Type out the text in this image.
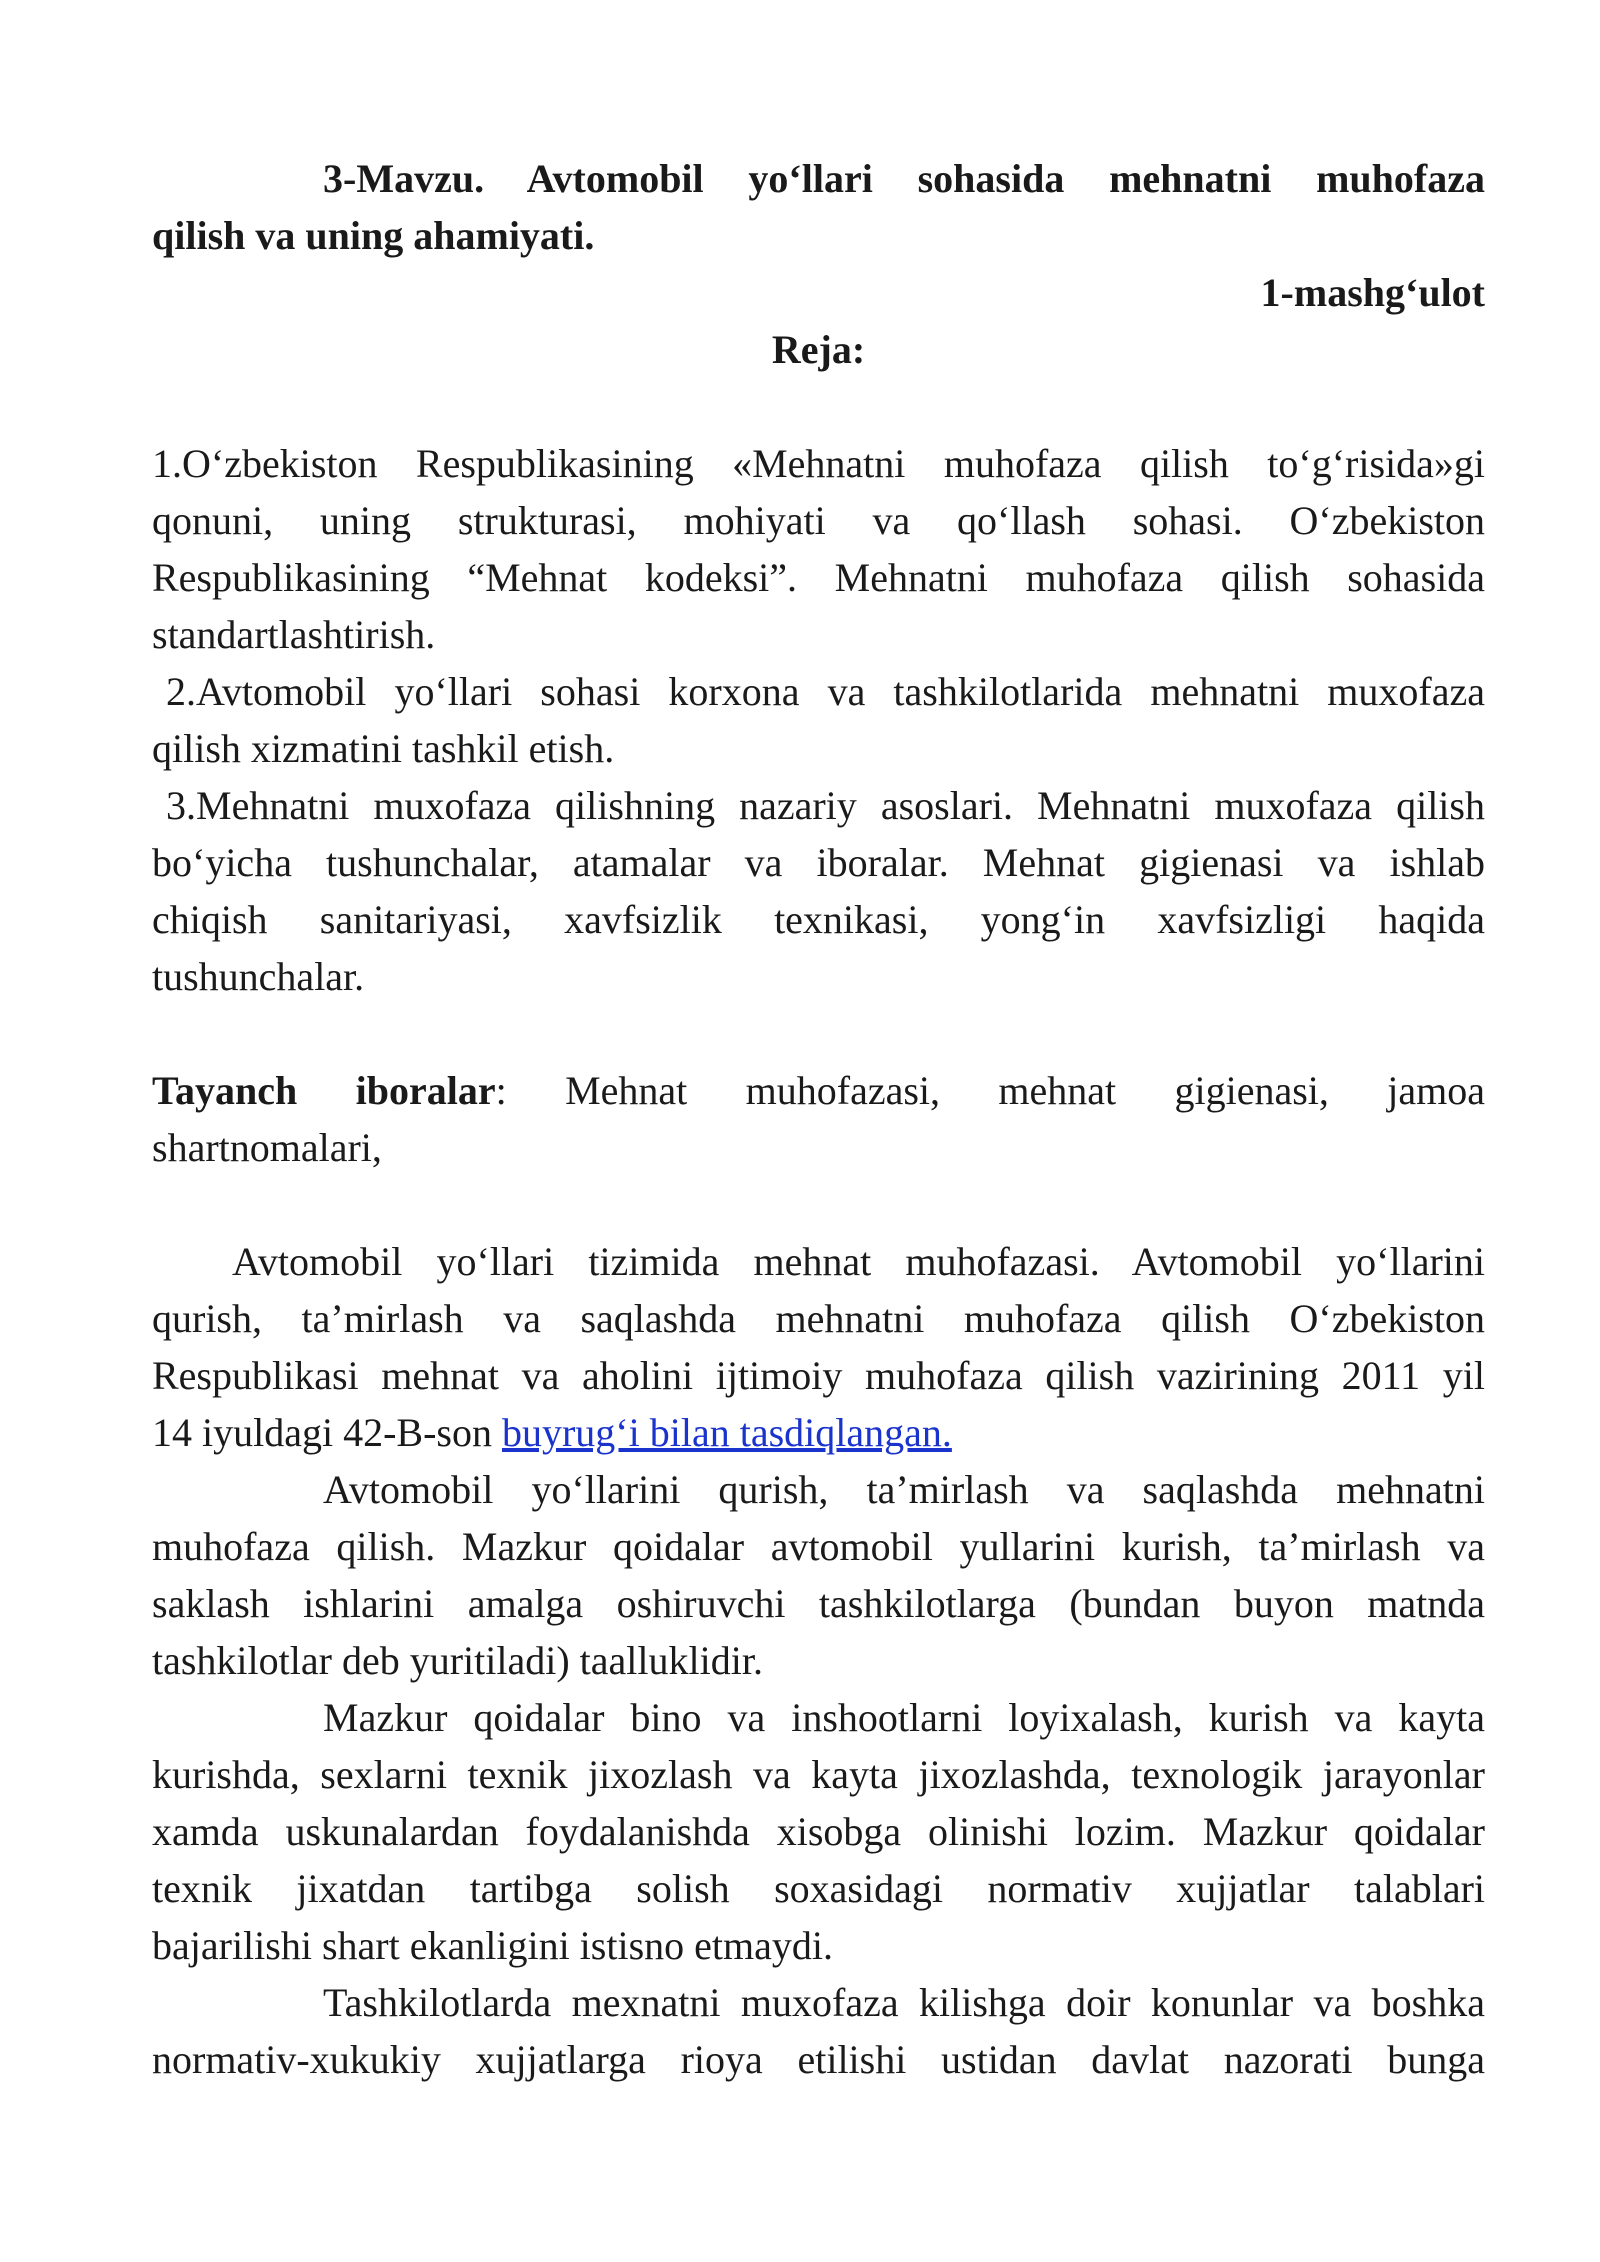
3-Mavzu. Avtomobil yo‘llari sohasida mehnatni muhofaza

qilish va uning ahamiyati.

1-mashg‘ulot

Reja:

1.O‘zbekiston Respublikasining «Mehnatni muhofaza qilish to‘g‘risida»gi

qonuni, uning strukturasi, mohiyati va qo‘llash sohasi. O‘zbekiston

Respublikasining “Mehnat kodeksi”. Mehnatni muhofaza qilish sohasida

standartlashtirish.

2.Avtomobil yo‘llari sohasi korxona va tashkilotlarida mehnatni muxofaza

qilish xizmatini tashkil etish.

3.Mehnatni muxofaza qilishning nazariy asoslari. Mehnatni muxofaza qilish

bo‘yicha tushunchalar, atamalar va iboralar. Mehnat gigienasi va ishlab

chiqish sanitariyasi, xavfsizlik texnikasi, yong‘in xavfsizligi haqida

tushunchalar.

Tayanch iboralar: Mehnat muhofazasi, mehnat gigienasi, jamoa

shartnomalari,

Avtomobil yo‘llari tizimida mehnat muhofazasi. Avtomobil yo‘llarini

qurish, ta’mirlash va saqlashda mehnatni muhofaza qilish O‘zbekiston

Respublikasi mehnat va aholini ijtimoiy muhofaza qilish vazirining 2011 yil

14 iyuldagi 42-B-son buyrug‘i bilan tasdiqlangan.

Avtomobil yo‘llarini qurish, ta’mirlash va saqlashda mehnatni

muhofaza qilish. Mazkur qoidalar avtomobil yullarini kurish, ta’mirlash va

saklash ishlarini amalga oshiruvchi tashkilotlarga (bundan buyon matnda

tashkilotlar deb yuritiladi) taalluklidir.

Mazkur qoidalar bino va inshootlarni loyixalash, kurish va kayta

kurishda, sexlarni texnik jixozlash va kayta jixozlashda, texnologik jarayonlar

xamda uskunalardan foydalanishda xisobga olinishi lozim. Mazkur qoidalar

texnik jixatdan tartibga solish soxasidagi normativ xujjatlar talablari

bajarilishi shart ekanligini istisno etmaydi.

Tashkilotlarda mexnatni muxofaza kilishga doir konunlar va boshka

normativ-xukukiy xujjatlarga rioya etilishi ustidan davlat nazorati bunga
